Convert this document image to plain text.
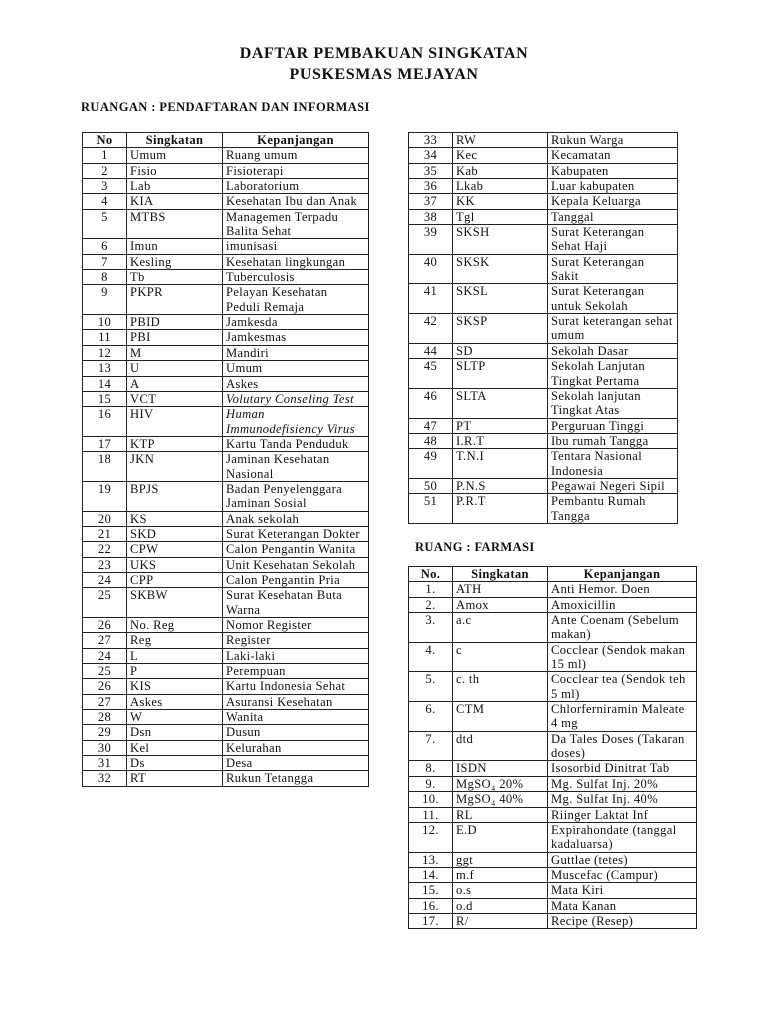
DAFTAR PEMBAKUAN SINGKATAN
PUSKESMAS MEJAYAN
RUANGAN : PENDAFTARAN DAN INFORMASI
RUANG : FARMASI
No	Singkatan	Kepanjangan
1	Umum	Ruang umum
2	Fisio	Fisioterapi
3	Lab	Laboratorium
4	KIA	Kesehatan Ibu dan Anak
5	MTBS	Managemen Terpadu Balita Sehat
6	Imun	imunisasi
7	Kesling	Kesehatan lingkungan
8	Tb	Tuberculosis
9	PKPR	Pelayan Kesehatan Peduli Remaja
10	PBID	Jamkesda
11	PBI	Jamkesmas
12	M	Mandiri
13	U	Umum
14	A	Askes
15	VCT	Volutary Conseling Test
16	HIV	Human Immunodefisiency Virus
17	KTP	Kartu Tanda Penduduk
18	JKN	Jaminan Kesehatan Nasional
19	BPJS	Badan Penyelenggara Jaminan Sosial
20	KS	Anak sekolah
21	SKD	Surat Keterangan Dokter
22	CPW	Calon Pengantin Wanita
23	UKS	Unit Kesehatan Sekolah
24	CPP	Calon Pengantin Pria
25	SKBW	Surat Kesehatan Buta Warna
26	No. Reg	Nomor Register
27	Reg	Register
24	L	Laki-laki
25	P	Perempuan
26	KIS	Kartu Indonesia Sehat
27	Askes	Asuransi Kesehatan
28	W	Wanita
29	Dsn	Dusun
30	Kel	Kelurahan
31	Ds	Desa
32	RT	Rukun Tetangga
33	RW	Rukun Warga
34	Kec	Kecamatan
35	Kab	Kabupaten
36	Lkab	Luar kabupaten
37	KK	Kepala Keluarga
38	Tgl	Tanggal
39	SKSH	Surat Keterangan Sehat Haji
40	SKSK	Surat Keterangan Sakit
41	SKSL	Surat Keterangan untuk Sekolah
42	SKSP	Surat keterangan sehat umum
44	SD	Sekolah Dasar
45	SLTP	Sekolah Lanjutan Tingkat Pertama
46	SLTA	Sekolah lanjutan Tingkat Atas
47	PT	Perguruan Tinggi
48	I.R.T	Ibu rumah Tangga
49	T.N.I	Tentara Nasional Indonesia
50	P.N.S	Pegawai Negeri Sipil
51	P.R.T	Pembantu Rumah Tangga
No.	Singkatan	Kepanjangan
1.	ATH	Anti Hemor. Doen
2.	Amox	Amoxicillin
3.	a.c	Ante Coenam (Sebelum makan)
4.	c	Cocclear (Sendok makan 15 ml)
5.	c. th	Cocclear tea (Sendok teh 5 ml)
6.	CTM	Chlorferniramin Maleate 4 mg
7.	dtd	Da Tales Doses (Takaran doses)
8.	ISDN	Isosorbid Dinitrat Tab
9.	MgSO₄ 20%	Mg. Sulfat Inj. 20%
10.	MgSO₄ 40%	Mg. Sulfat Inj. 40%
11.	RL	Riinger Laktat Inf
12.	E.D	Expirahondate (tanggal kadaluarsa)
13.	ggt	Guttlae (tetes)
14.	m.f	Muscefac (Campur)
15.	o.s	Mata Kiri
16.	o.d	Mata Kanan
17.	R/	Recipe (Resep)
